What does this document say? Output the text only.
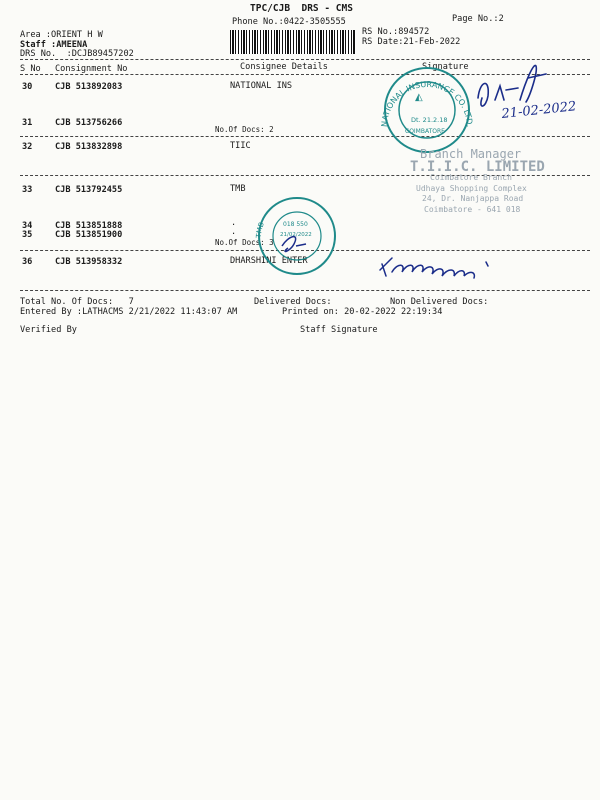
TPC/CJB  DRS - CMS
Phone No.:0422-3505555	Page No.:2
Area :ORIENT H W
Staff :AMEENA
DRS No.  :DCJB89457202
RS No.:894572
RS Date:21-Feb-2022
S No Consignment No	Consignee Details	Signature
30	CJB 513892083	NATIONAL INS
31	CJB 513756266
No.Of Docs: 2
32	CJB 513832898	TIIC
33	CJB 513792455	TMB
34	CJB 513851888	.
35	CJB 513851900	.
No.Of Docs: 3
36	CJB 513958332	DHARSHINI ENTER
Total No. Of Docs:   7	Delivered Docs:	Non Delivered Docs:
Entered By :LATHACMS 2/21/2022 11:43:07 AM	Printed on: 20-02-2022 22:19:34
Verified By	Staff Signature
NATIONAL INSURANCE CO. LTD.
◭
Dt. 21.2.18
COIMBATORE
Branch Manager
T.I.I.C. LIMITED
Coimbatore Branch
Udhaya Shopping Complex
24, Dr. Nanjappa Road
Coimbatore - 641 018
TMB	018 550
21/02/2022
21-02-2022
